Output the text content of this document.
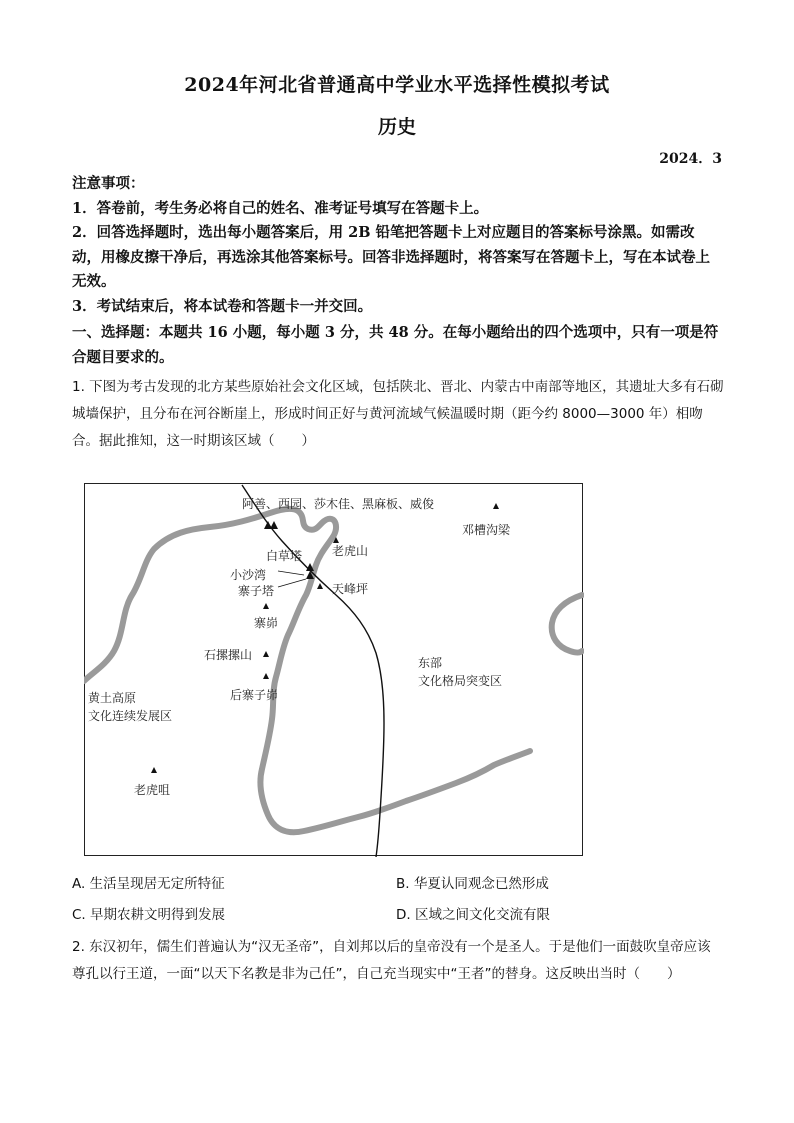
2024年河北省普通高中学业水平选择性模拟考试
历史
2024．3

注意事项：

1．答卷前，考生务必将自己的姓名、准考证号填写在答题卡上。

2．回答选择题时，选出每小题答案后，用 2B 铅笔把答题卡上对应题目的答案标号涂黑。如需改动，用橡皮擦干净后，再选涂其他答案标号。回答非选择题时，将答案写在答题卡上，写在本试卷上无效。

3．考试结束后，将本试卷和答题卡一并交回。

一、选择题：本题共 16 小题，每小题 3 分，共 48 分。在每小题给出的四个选项中，只有一项是符合题目要求的。

1. 下图为考古发现的北方某些原始社会文化区域，包括陕北、晋北、内蒙古中南部等地区，其遗址大多有石砌城墙保护，且分布在河谷断崖上，形成时间正好与黄河流域气候温暖时期（距今约 8000—3000 年）相吻合。据此推知，这一时期该区域（　　）

阿善、西园、莎木佳、黑麻板、威俊
邓槽沟梁
老虎山
白草塔
小沙湾
寨子塔	天峰坪
寨峁
石摞摞山
后寨子峁
老虎咀
黄土高原
文化连续发展区
东部
文化格局突变区
A. 生活呈现居无定所特征	B. 华夏认同观念已然形成
C. 早期农耕文明得到发展	D. 区域之间文化交流有限

2. 东汉初年，儒生们普遍认为“汉无圣帝”，自刘邦以后的皇帝没有一个是圣人。于是他们一面鼓吹皇帝应该尊孔以行王道，一面“以天下名教是非为己任”，自己充当现实中“王者”的替身。这反映出当时（　　）
